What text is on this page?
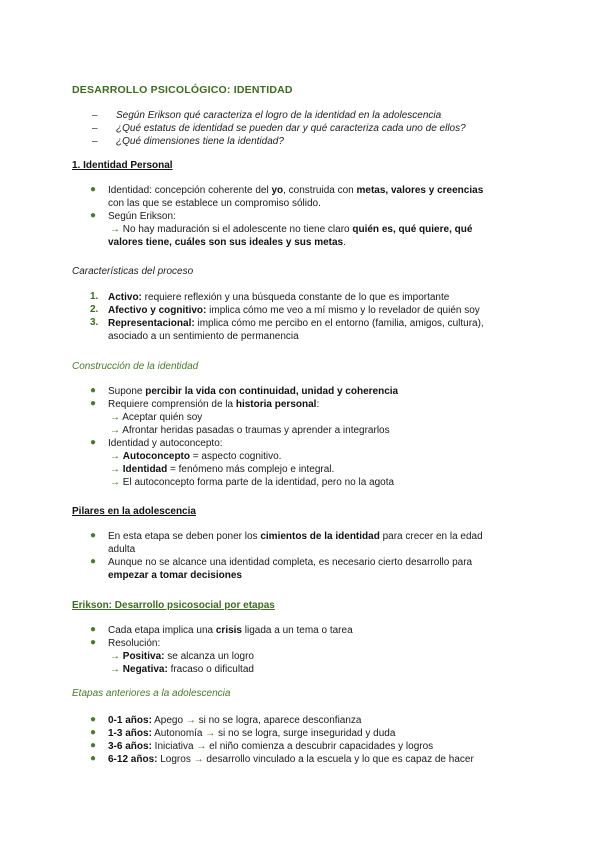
DESARROLLO PSICOLÓGICO: IDENTIDAD
– Según Erikson qué caracteriza el logro de la identidad en la adolescencia
– ¿Qué estatus de identidad se pueden dar y qué caracteriza cada uno de ellos?
– ¿Qué dimensiones tiene la identidad?
1. Identidad Personal
● Identidad: concepción coherente del yo, construida con metas, valores y creencias
con las que se establece un compromiso sólido.
● Según Erikson:
→ No hay maduración si el adolescente no tiene claro quién es, qué quiere, qué
valores tiene, cuáles son sus ideales y sus metas.
Características del proceso
1. Activo: requiere reflexión y una búsqueda constante de lo que es importante
2. Afectivo y cognitivo: implica cómo me veo a mí mismo y lo revelador de quién soy
3. Representacional: implica cómo me percibo en el entorno (familia, amigos, cultura),
asociado a un sentimiento de permanencia
Construcción de la identidad
● Supone percibir la vida con continuidad, unidad y coherencia
● Requiere comprensión de la historia personal:
→ Aceptar quién soy
→ Afrontar heridas pasadas o traumas y aprender a integrarlos
● Identidad y autoconcepto:
→ Autoconcepto = aspecto cognitivo.
→ Identidad = fenómeno más complejo e integral.
→ El autoconcepto forma parte de la identidad, pero no la agota
Pilares en la adolescencia
● En esta etapa se deben poner los cimientos de la identidad para crecer en la edad
adulta
● Aunque no se alcance una identidad completa, es necesario cierto desarrollo para
empezar a tomar decisiones
Erikson: Desarrollo psicosocial por etapas
● Cada etapa implica una crisis ligada a un tema o tarea
● Resolución:
→ Positiva: se alcanza un logro
→ Negativa: fracaso o dificultad
Etapas anteriores a la adolescencia
● 0-1 años: Apego → si no se logra, aparece desconfianza
● 1-3 años: Autonomía → si no se logra, surge inseguridad y duda
● 3-6 años: Iniciativa → el niño comienza a descubrir capacidades y logros
● 6-12 años: Logros → desarrollo vinculado a la escuela y lo que es capaz de hacer
